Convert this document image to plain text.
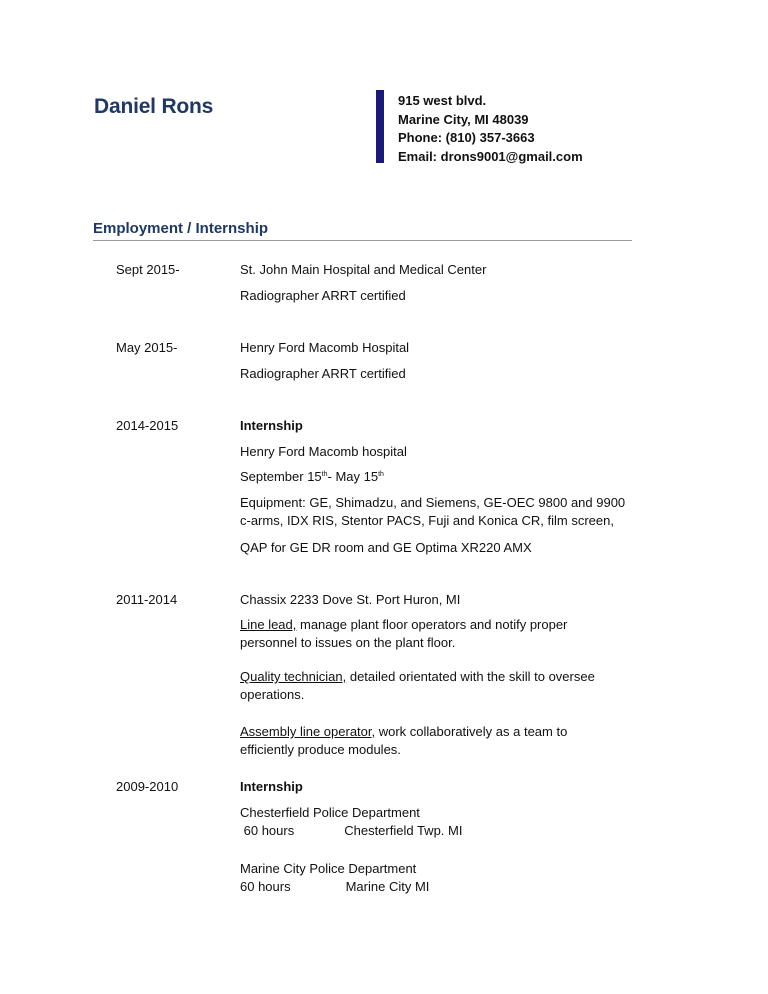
Daniel Rons	915 west blvd.
Marine City, MI 48039
Phone: (810) 357-3663
Email: drons9001@gmail.com
Employment / Internship
Sept 2015-	St. John Main Hospital and Medical Center
Radiographer ARRT certified
May 2015-	Henry Ford Macomb Hospital
Radiographer ARRT certified
2014-2015	Internship
Henry Ford Macomb hospital
September 15th- May 15th
Equipment: GE, Shimadzu, and Siemens, GE-OEC 9800 and 9900
c-arms, IDX RIS, Stentor PACS, Fuji and Konica CR, film screen,
QAP for GE DR room and GE Optima XR220 AMX
2011-2014	Chassix 2233 Dove St. Port Huron, MI
Line lead, manage plant floor operators and notify proper
personnel to issues on the plant floor.
Quality technician, detailed orientated with the skill to oversee
operations.
Assembly line operator, work collaboratively as a team to
efficiently produce modules.
2009-2010	Internship
Chesterfield Police Department
60 hours	Chesterfield Twp. MI
Marine City Police Department
60 hours	Marine City MI
